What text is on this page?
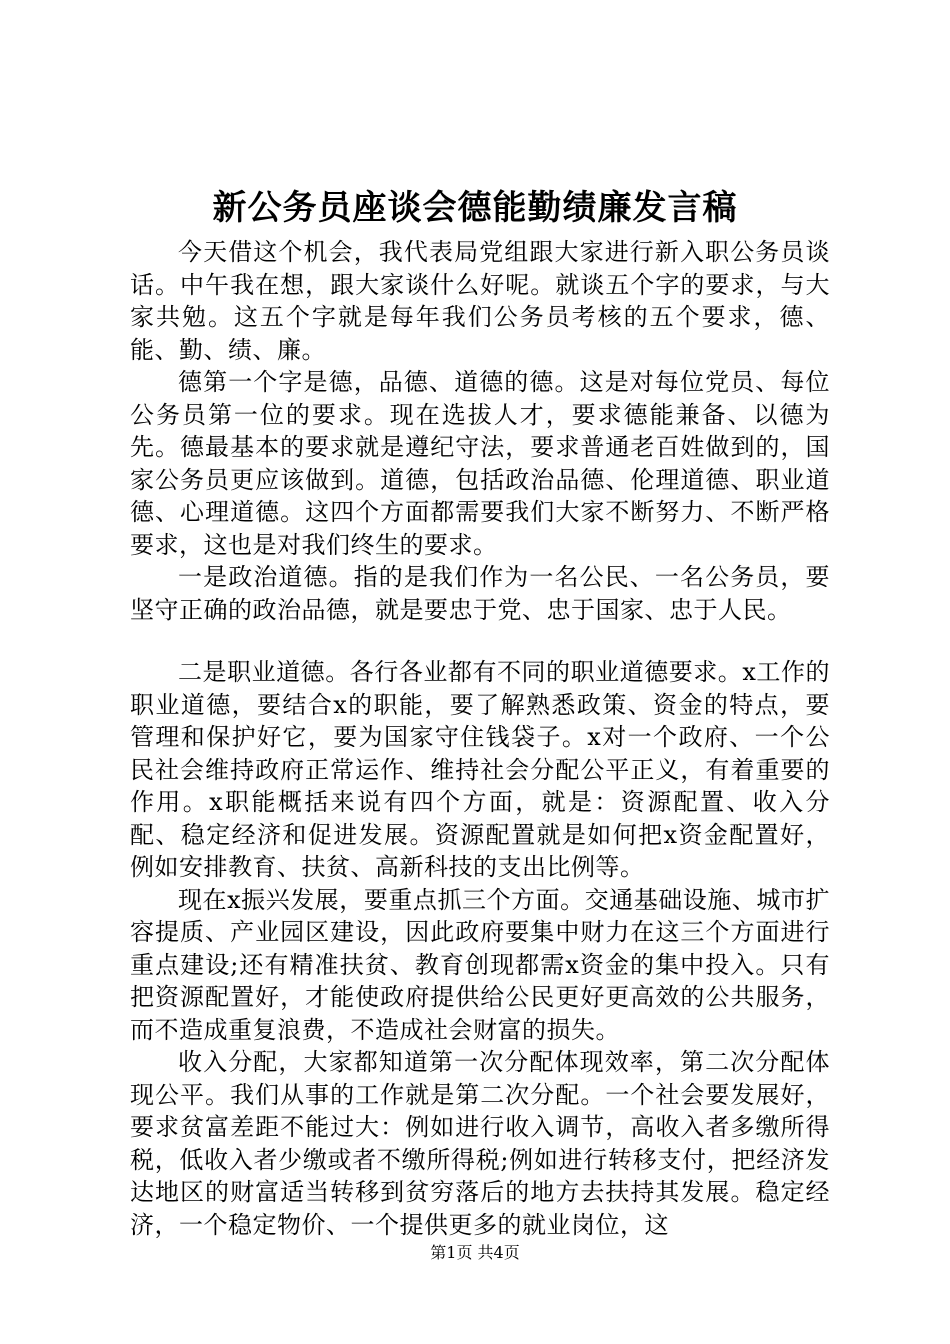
新公务员座谈会德能勤绩廉发言稿

今天借这个机会，我代表局党组跟大家进行新入职公务员谈话。中午我在想，跟大家谈什么好呢。就谈五个字的要求，与大家共勉。这五个字就是每年我们公务员考核的五个要求，德、能、勤、绩、廉。

德第一个字是德，品德、道德的德。这是对每位党员、每位公务员第一位的要求。现在选拔人才，要求德能兼备、以德为先。德最基本的要求就是遵纪守法，要求普通老百姓做到的，国家公务员更应该做到。道德，包括政治品德、伦理道德、职业道德、心理道德。这四个方面都需要我们大家不断努力、不断严格要求，这也是对我们终生的要求。

一是政治道德。指的是我们作为一名公民、一名公务员，要坚守正确的政治品德，就是要忠于党、忠于国家、忠于人民。

二是职业道德。各行各业都有不同的职业道德要求。x工作的职业道德，要结合x的职能，要了解熟悉政策、资金的特点，要管理和保护好它，要为国家守住钱袋子。x对一个政府、一个公民社会维持政府正常运作、维持社会分配公平正义，有着重要的作用。x职能概括来说有四个方面，就是：资源配置、收入分配、稳定经济和促进发展。资源配置就是如何把x资金配置好，例如安排教育、扶贫、高新科技的支出比例等。

现在x振兴发展，要重点抓三个方面。交通基础设施、城市扩容提质、产业园区建设，因此政府要集中财力在这三个方面进行重点建设;还有精准扶贫、教育创现都需x资金的集中投入。只有把资源配置好，才能使政府提供给公民更好更高效的公共服务，而不造成重复浪费，不造成社会财富的损失。

收入分配，大家都知道第一次分配体现效率，第二次分配体现公平。我们从事的工作就是第二次分配。一个社会要发展好，要求贫富差距不能过大：例如进行收入调节，高收入者多缴所得税，低收入者少缴或者不缴所得税;例如进行转移支付，把经济发达地区的财富适当转移到贫穷落后的地方去扶持其发展。稳定经济，一个稳定物价、一个提供更多的就业岗位，这

第1页 共4页
